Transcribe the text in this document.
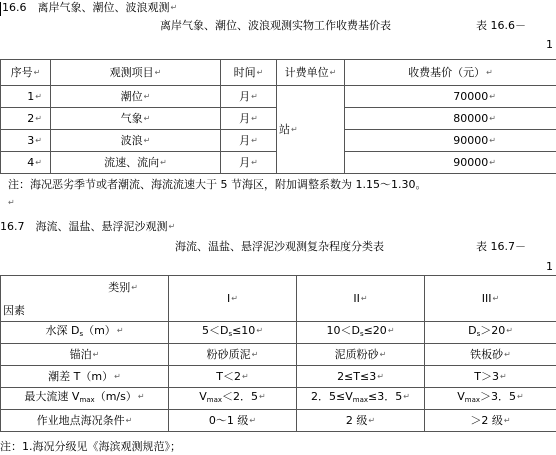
16.6　离岸气象、潮位、波浪观测 ↵
离岸气象、潮位、波浪观测实物工作收费基价表	表 16.6－
1
序号 ↵	观测项目 ↵	时间 ↵	计费单位 ↵	收费基价（元） ↵
1 ↵	潮位 ↵	月 ↵	站 ↵	70000 ↵
2 ↵	气象 ↵	月 ↵		80000 ↵
3 ↵	波浪 ↵	月 ↵		90000 ↵
4 ↵	流速、流向 ↵	月 ↵		90000 ↵
注：海况恶劣季节或者潮流、海流流速大于 5 节海区，附加调整系数为 1.15～1.30。
↵
16.7　海流、温盐、悬浮泥沙观测 ↵
海流、温盐、悬浮泥沙观测复杂程度分类表	表 16.7－
1
类别 ↵
因素	I ↵	II ↵	III ↵
水深 $D_s(m)$ ↵	$5<D_s\le 10$ ↵	$10<D_s\le 20$ ↵	$D_s>20$ ↵
锚泊 ↵	粉砂质泥 ↵	泥质粉砂 ↵	铁板砂 ↵
潮差 T（m） ↵	T＜2 ↵	2≤T≤3 ↵	T＞3 ↵
最大流速 $V_{max}(m/s)$ ↵	$V_{max}<2$．5 ↵	2．$5\le V_{max}\le 3$．5 ↵	$V_{max}>3$．5 ↵
作业地点海况条件 ↵	0～1 级 ↵	2 级 ↵	＞2 级 ↵
注：1.海况分级见《海滨观测规范》；
